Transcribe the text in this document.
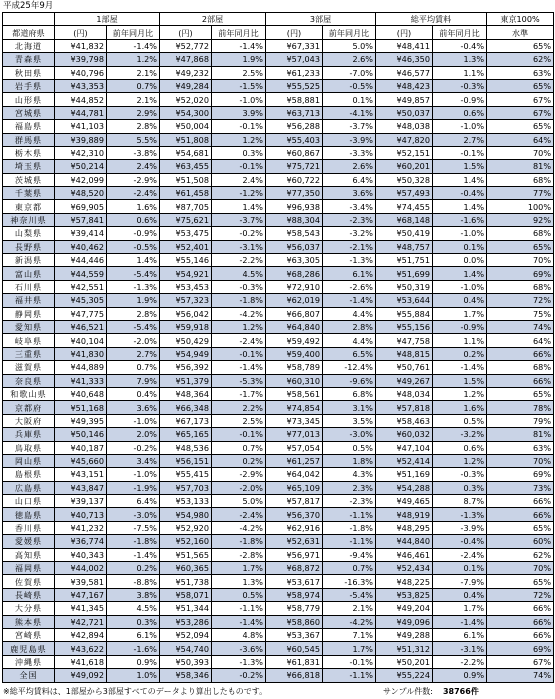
平成25年9月
	1部屋		2部屋		3部屋		総平均賃料		東京100%
都道府県	(円)	前年同月比	(円)	前年同月比	(円)	前年同月比	(円)	前年同月比	水準
北海道	¥41,832	-1.4%	¥52,772	-1.4%	¥67,331	5.0%	¥48,411	-0.4%	65%
青森県	¥39,798	1.2%	¥47,868	1.9%	¥57,043	2.6%	¥46,350	1.3%	62%
秋田県	¥40,796	2.1%	¥49,232	2.5%	¥61,233	-7.0%	¥46,577	1.1%	63%
岩手県	¥43,353	0.7%	¥49,284	-1.5%	¥55,525	-0.5%	¥48,423	-0.3%	65%
山形県	¥44,852	2.1%	¥52,020	-1.0%	¥58,881	0.1%	¥49,857	-0.9%	67%
宮城県	¥44,781	2.9%	¥54,300	3.9%	¥63,713	-4.1%	¥50,037	0.6%	67%
福島県	¥41,103	2.8%	¥50,004	-0.1%	¥56,288	-3.7%	¥48,038	-1.0%	65%
群馬県	¥39,889	5.5%	¥51,808	1.2%	¥55,403	-3.9%	¥47,820	2.7%	64%
栃木県	¥42,310	-3.8%	¥54,681	0.3%	¥60,867	-3.3%	¥52,151	-0.1%	70%
埼玉県	¥50,214	2.4%	¥63,455	-0.1%	¥75,721	2.6%	¥60,201	1.5%	81%
茨城県	¥42,099	-2.9%	¥51,508	2.4%	¥60,722	6.4%	¥50,328	1.4%	68%
千葉県	¥48,520	-2.4%	¥61,458	-1.2%	¥77,350	3.6%	¥57,493	-0.4%	77%
東京都	¥69,905	1.6%	¥87,705	1.4%	¥96,938	-3.4%	¥74,455	1.4%	100%
神奈川県	¥57,841	0.6%	¥75,621	-3.7%	¥88,304	-2.3%	¥68,148	-1.6%	92%
山梨県	¥39,414	-0.9%	¥53,475	-0.2%	¥58,543	-3.2%	¥50,419	-1.0%	68%
長野県	¥40,462	-0.5%	¥52,401	-3.1%	¥56,037	-2.1%	¥48,757	0.1%	65%
新潟県	¥44,446	1.4%	¥55,146	-2.2%	¥63,305	-1.3%	¥51,751	0.0%	70%
富山県	¥44,559	-5.4%	¥54,921	4.5%	¥68,286	6.1%	¥51,699	1.4%	69%
石川県	¥42,551	-1.3%	¥53,453	-0.3%	¥72,910	-2.6%	¥50,319	-1.0%	68%
福井県	¥45,305	1.9%	¥57,323	-1.8%	¥62,019	-1.4%	¥53,644	0.4%	72%
静岡県	¥47,775	2.8%	¥56,042	-4.2%	¥66,807	4.4%	¥55,884	1.7%	75%
愛知県	¥46,521	-5.4%	¥59,918	1.2%	¥64,840	2.8%	¥55,156	-0.9%	74%
岐阜県	¥40,104	-2.0%	¥50,429	-2.4%	¥59,492	4.4%	¥47,758	1.1%	64%
三重県	¥41,830	2.7%	¥54,949	-0.1%	¥59,400	6.5%	¥48,815	0.2%	66%
滋賀県	¥44,889	0.7%	¥56,392	-1.4%	¥58,789	-12.4%	¥50,761	-1.4%	68%
奈良県	¥41,333	7.9%	¥51,379	-5.3%	¥60,310	-9.6%	¥49,267	1.5%	66%
和歌山県	¥40,648	0.4%	¥48,364	-1.7%	¥58,561	6.8%	¥48,034	1.2%	65%
京都府	¥51,168	3.6%	¥66,348	2.2%	¥74,854	3.1%	¥57,818	1.6%	78%
大阪府	¥49,395	-1.0%	¥67,173	2.5%	¥73,345	3.5%	¥58,463	0.5%	79%
兵庫県	¥50,146	2.0%	¥65,165	-0.1%	¥77,013	-3.0%	¥60,032	-3.2%	81%
鳥取県	¥40,187	-0.2%	¥48,536	0.7%	¥57,054	0.5%	¥47,104	0.6%	63%
岡山県	¥45,660	3.4%	¥56,151	0.2%	¥61,257	1.8%	¥52,414	1.2%	70%
島根県	¥43,151	-1.0%	¥55,415	-2.9%	¥64,042	4.3%	¥51,169	-0.3%	69%
広島県	¥43,847	-1.9%	¥57,703	-2.0%	¥65,109	2.3%	¥54,288	0.3%	73%
山口県	¥39,137	6.4%	¥53,133	5.0%	¥57,817	-2.3%	¥49,465	8.7%	66%
徳島県	¥40,713	-3.0%	¥54,980	-2.4%	¥56,370	-1.1%	¥48,919	-1.3%	66%
香川県	¥41,232	-7.5%	¥52,920	-4.2%	¥62,916	-1.8%	¥48,295	-3.9%	65%
愛媛県	¥36,774	-1.8%	¥52,160	-1.8%	¥52,631	-1.1%	¥44,840	-0.4%	60%
高知県	¥40,343	-1.4%	¥51,565	-2.8%	¥56,971	-9.4%	¥46,461	-2.4%	62%
福岡県	¥44,002	0.2%	¥60,365	1.7%	¥68,872	0.7%	¥52,434	0.1%	70%
佐賀県	¥39,581	-8.8%	¥51,738	1.3%	¥53,617	-16.3%	¥48,225	-7.9%	65%
長崎県	¥47,167	3.8%	¥58,071	0.5%	¥58,974	-5.4%	¥53,825	0.4%	72%
大分県	¥41,345	4.5%	¥51,344	-1.1%	¥58,779	2.1%	¥49,204	1.7%	66%
熊本県	¥42,721	0.3%	¥53,286	-1.4%	¥58,860	-4.2%	¥49,096	-1.4%	66%
宮崎県	¥42,894	6.1%	¥52,094	4.8%	¥53,367	7.1%	¥49,288	6.1%	66%
鹿児島県	¥43,622	-1.6%	¥54,740	-3.6%	¥60,545	1.7%	¥51,312	-3.1%	69%
沖縄県	¥41,618	0.9%	¥50,393	-1.3%	¥61,831	-0.1%	¥50,201	-2.2%	67%
全国	¥49,092	1.0%	¥58,346	-0.2%	¥66,818	-1.1%	¥55,224	0.9%	74%
※総平均賃料は、1部屋から3部屋すべてのデータより算出したものです。	サンプル件数: 38766件
